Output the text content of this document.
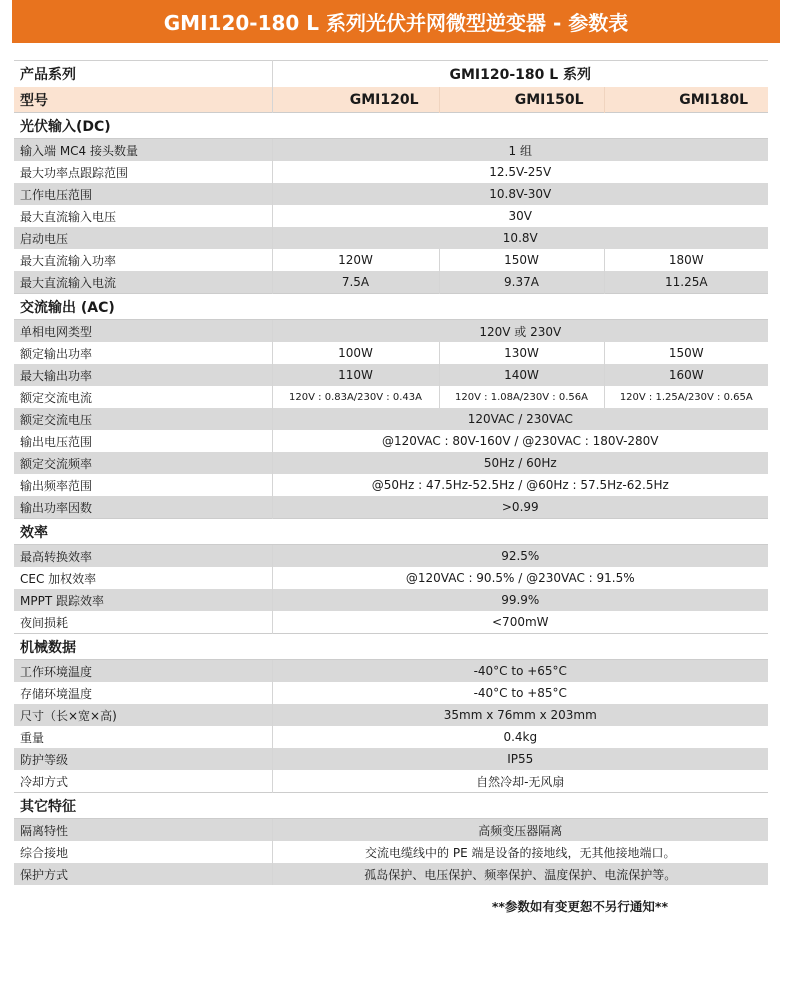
GMI120-180 L 系列光伏并网微型逆变器 - 参数表
产品系列	GMI120-180 L 系列		
型号	GMI120L	GMI150L	GMI180L
光伏输入(DC)			
输入端 MC4 接头数量	1 组		
最大功率点跟踪范围	12.5V-25V		
工作电压范围	10.8V-30V		
最大直流输入电压	30V		
启动电压	10.8V		
最大直流输入功率	120W	150W	180W
最大直流输入电流	7.5A	9.37A	11.25A
交流输出 (AC)			
单相电网类型	120V 或 230V		
额定输出功率	100W	130W	150W
最大输出功率	110W	140W	160W
额定交流电流	120V : 0.83A/230V : 0.43A	120V : 1.08A/230V : 0.56A	120V : 1.25A/230V : 0.65A
额定交流电压	120VAC / 230VAC		
输出电压范围	@120VAC : 80V-160V / @230VAC : 180V-280V		
额定交流频率	50Hz / 60Hz		
输出频率范围	@50Hz : 47.5Hz-52.5Hz / @60Hz : 57.5Hz-62.5Hz		
输出功率因数	>0.99		
效率			
最高转换效率	92.5%		
CEC 加权效率	@120VAC : 90.5% / @230VAC : 91.5%		
MPPT 跟踪效率	99.9%		
夜间损耗	<700mW		
机械数据			
工作环境温度	-40°C to +65°C		
存储环境温度	-40°C to +85°C		
尺寸（长×宽×高)	35mm x 76mm x 203mm		
重量	0.4kg		
防护等级	IP55		
冷却方式	自然冷却-无风扇		
其它特征			
隔离特性	高频变压器隔离		
综合接地	交流电缆线中的 PE 端是设备的接地线，无其他接地端口。		
保护方式	孤岛保护、电压保护、频率保护、温度保护、电流保护等。		
**参数如有变更恕不另行通知**
